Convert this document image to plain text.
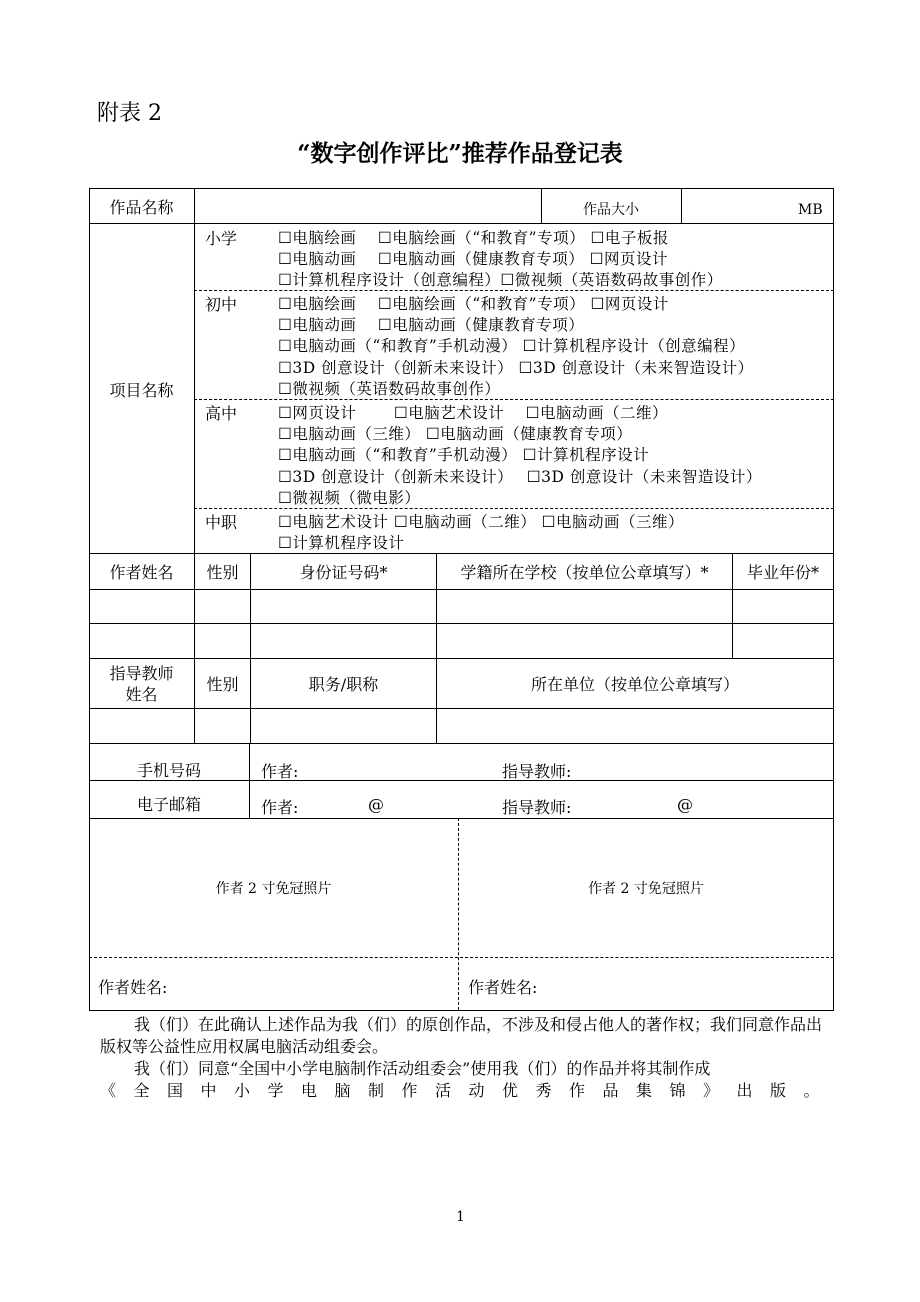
附表 2
“数字创作评比”推荐作品登记表
作品名称	作品大小	MB
项目名称
小学	☐电脑绘画　 ☐电脑绘画（“和教育”专项） ☐电子板报
☐电脑动画　 ☐电脑动画（健康教育专项） ☐网页设计
☐计算机程序设计（创意编程）☐微视频（英语数码故事创作）
初中	☐电脑绘画　 ☐电脑绘画（“和教育”专项） ☐网页设计
☐电脑动画　 ☐电脑动画（健康教育专项）
☐电脑动画（“和教育”手机动漫） ☐计算机程序设计（创意编程）
☐3D 创意设计（创新未来设计） ☐3D 创意设计（未来智造设计）
☐微视频（英语数码故事创作）
高中	☐网页设计　　 ☐电脑艺术设计　 ☐电脑动画（二维）
☐电脑动画（三维） ☐电脑动画（健康教育专项）
☐电脑动画（“和教育”手机动漫） ☐计算机程序设计
☐3D 创意设计（创新未来设计）　 ☐3D 创意设计（未来智造设计）
☐微视频（微电影）
中职	☐电脑艺术设计 ☐电脑动画（二维） ☐电脑动画（三维）
☐计算机程序设计
作者姓名	性别	身份证号码*	学籍所在学校（按单位公章填写）*	毕业年份*
指导教师
姓名	性别	职务/职称	所在单位（按单位公章填写）
手机号码	作者:	指导教师:
电子邮箱	作者:	@	指导教师:	@
作者 2 寸免冠照片	作者 2 寸免冠照片
作者姓名:	作者姓名:
我（们）在此确认上述作品为我（们）的原创作品，不涉及和侵占他人的著作权；我们同意作品出版权等公益性应用权属电脑活动组委会。
我（们）同意“全国中小学电脑制作活动组委会”使用我（们）的作品并将其制作成
《全国中小学电脑制作活动优秀作品集锦》出版。
1
